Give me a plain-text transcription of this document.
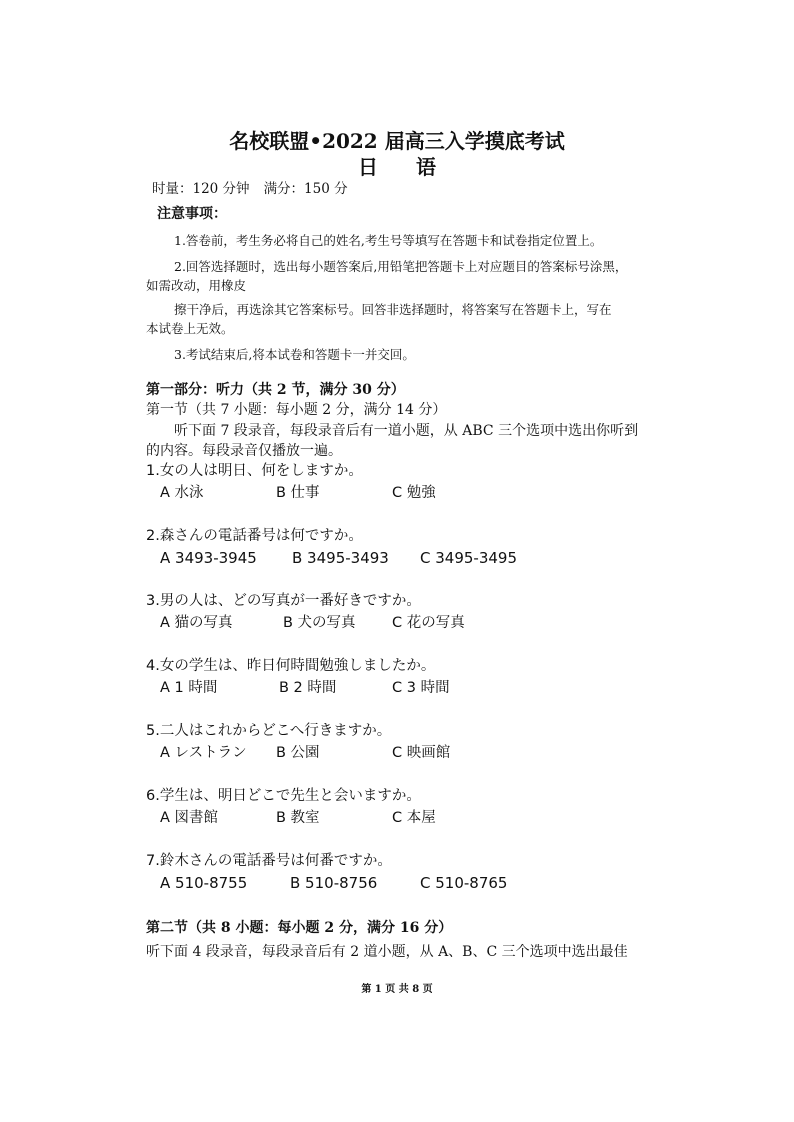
名校联盟•2022 届高三入学摸底考试
日 语
时量：120 分钟 满分：150 分
注意事项：
1.答卷前，考生务必将自己的姓名,考生号等填写在答题卡和试卷指定位置上。
2.回答选择题时，选出每小题答案后,用铅笔把答题卡上对应题目的答案标号涂黑，
如需改动，用橡皮
擦干净后，再选涂其它答案标号。回答非选择题时，将答案写在答题卡上，写在
本试卷上无效。
3.考试结束后,将本试卷和答题卡一并交回。
第一部分：听力（共 2 节，满分 30 分）
第一节（共 7 小题：每小题 2 分，满分 14 分）
听下面 7 段录音，每段录音后有一道小题，从 ABC 三个选项中选出你听到
的内容。每段录音仅播放一遍。
1.女の人は明日、何をしますか。
A 水泳	B 仕事	C 勉強
2.森さんの電話番号は何ですか。
A 3493-3945 B 3495-3493 C 3495-3495
3.男の人は、どの写真が一番好きですか。
A 猫の写真	B 犬の写真	C 花の写真
4.女の学生は、昨日何時間勉強しましたか。
A 1 時間	B 2 時間	C 3 時間
5.二人はこれからどこへ行きますか。
A レストラン B 公園	C 映画館
6.学生は、明日どこで先生と会いますか。
A 図書館	B 教室	C 本屋
7.鈴木さんの電話番号は何番ですか。
A 510-8755	B 510-8756	C 510-8765
第二节（共 8 小题：每小题 2 分，满分 16 分）
听下面 4 段录音，每段录音后有 2 道小题，从 A、B、C 三个选项中选出最佳
第 1 页 共 8 页
